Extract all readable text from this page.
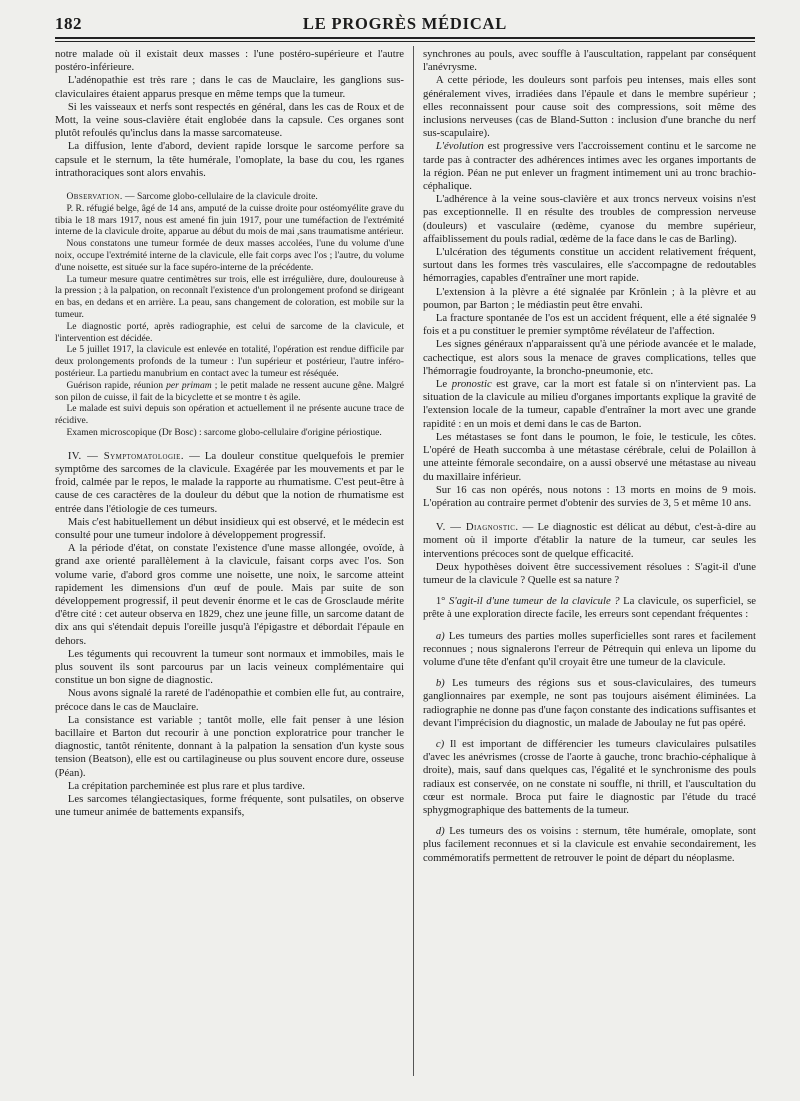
182	LE PROGRÈS MÉDICAL

notre malade où il existait deux masses : l'une postéro-supérieure et l'autre postéro-inférieure.

L'adénopathie est très rare ; dans le cas de Mauclaire, les ganglions sus-claviculaires étaient apparus presque en même temps que la tumeur.

Si les vaisseaux et nerfs sont respectés en général, dans les cas de Roux et de Mott, la veine sous-clavière était englobée dans la capsule. Ces organes sont plutôt refoulés qu'inclus dans la masse sarcomateuse.

La diffusion, lente d'abord, devient rapide lorsque le sarcome perfore sa capsule et le sternum, la tête humérale, l'omoplate, la base du cou, les rganes intrathoraciques sont alors envahis.

Observation. — Sarcome globo-cellulaire de la clavicule droite.

P. R. réfugié belge, âgé de 14 ans, amputé de la cuisse droite pour ostéomyélite grave du tibia le 18 mars 1917, nous est amené fin juin 1917, pour une tuméfaction de l'extrémité interne de la clavicule droite, apparue au début du mois de mai ,sans traumatisme antérieur.

Nous constatons une tumeur formée de deux masses accolées, l'une du volume d'une noix, occupe l'extrémité interne de la clavicule, elle fait corps avec l'os ; l'autre, du volume d'une noisette, est située sur la face supéro-interne de la précédente.

La tumeur mesure quatre centimètres sur trois, elle est irrégulière, dure, douloureuse à la pression ; à la palpation, on reconnaît l'existence d'un prolongement profond se dirigeant en bas, en dedans et en arrière. La peau, sans changement de coloration, est mobile sur la tumeur.

Le diagnostic porté, après radiographie, est celui de sarcome de la clavicule, et l'intervention est décidée.

Le 5 juillet 1917, la clavicule est enlevée en totalité, l'opération est rendue difficile par deux prolongements profonds de la tumeur : l'un supérieur et postérieur, l'autre inféro-postérieur. La partiedu manubrium en contact avec la tumeur est réséquée.

Guérison rapide, réunion per primam ; le petit malade ne ressent aucune gêne. Malgré son pilon de cuisse, il fait de la bicyclette et se montre t ès agile.

Le malade est suivi depuis son opération et actuellement il ne présente aucune trace de récidive.

Examen microscopique (Dr Bosc) : sarcome globo-cellulaire d'origine périostique.

IV. — Symptomatologie. — La douleur constitue quelquefois le premier symptôme des sarcomes de la clavicule. Exagérée par les mouvements et par le froid, calmée par le repos, le malade la rapporte au rhumatisme. C'est peut-être à cause de ces caractères de la douleur du début que la notion de rhumatisme est entrée dans l'étiologie de ces tumeurs.

Mais c'est habituellement un début insidieux qui est observé, et le médecin est consulté pour une tumeur indolore à développement progressif.

A la période d'état, on constate l'existence d'une masse allongée, ovoïde, à grand axe orienté parallèlement à la clavicule, faisant corps avec l'os. Son volume varie, d'abord gros comme une noisette, une noix, le sarcome atteint rapidement les dimensions d'un œuf de poule. Mais par suite de son développement progressif, il peut devenir énorme et le cas de Grosclaude mérite d'être cité : cet auteur observa en 1829, chez une jeune fille, un sarcome datant de dix ans qui s'étendait depuis l'oreille jusqu'à l'épigastre et débordait l'épaule en dehors.

Les téguments qui recouvrent la tumeur sont normaux et immobiles, mais le plus souvent ils sont parcourus par un lacis veineux complémentaire qui constitue un bon signe de diagnostic.

Nous avons signalé la rareté de l'adénopathie et combien elle fut, au contraire, précoce dans le cas de Mauclaire.

La consistance est variable ; tantôt molle, elle fait penser à une lésion bacillaire et Barton dut recourir à une ponction exploratrice pour trancher le diagnostic, tantôt rénitente, donnant à la palpation la sensation d'un kyste sous tension (Beatson), elle est ou cartilagineuse ou plus souvent encore dure, osseuse (Péan).

La crépitation parcheminée est plus rare et plus tardive.

Les sarcomes télangiectasiques, forme fréquente, sont pulsatiles, on observe une tumeur animée de battements expansifs,

synchrones au pouls, avec souffle à l'auscultation, rappelant par conséquent l'anévrysme.

A cette période, les douleurs sont parfois peu intenses, mais elles sont généralement vives, irradiées dans l'épaule et dans le membre supérieur ; elles reconnaissent pour cause soit des compressions, soit même des inclusions nerveuses (cas de Bland-Sutton : inclusion d'une branche du nerf sus-scapulaire).

L'évolution est progressive vers l'accroissement continu et le sarcome ne tarde pas à contracter des adhérences intimes avec les organes importants de la région. Péan ne put enlever un fragment intimement uni au tronc brachio-céphalique.

L'adhérence à la veine sous-clavière et aux troncs nerveux voisins n'est pas exceptionnelle. Il en résulte des troubles de compression nerveuse (douleurs) et vasculaire (œdème, cyanose du membre supérieur, affaiblissement du pouls radial, œdème de la face dans le cas de Barling).

L'ulcération des téguments constitue un accident relativement fréquent, surtout dans les formes très vasculaires, elle s'accompagne de redoutables hémorragies, capables d'entraîner une mort rapide.

L'extension à la plèvre a été signalée par Krönlein ; à la plèvre et au poumon, par Barton ; le médiastin peut être envahi.

La fracture spontanée de l'os est un accident fréquent, elle a été signalée 9 fois et a pu constituer le premier symptôme révélateur de l'affection.

Les signes généraux n'apparaissent qu'à une période avancée et le malade, cachectique, est alors sous la menace de graves complications, telles que l'hémorragie foudroyante, la broncho-pneumonie, etc.

Le pronostic est grave, car la mort est fatale si on n'intervient pas. La situation de la clavicule au milieu d'organes importants explique la gravité de l'extension locale de la tumeur, capable d'entraîner la mort avec une grande rapidité : en un mois et demi dans le cas de Barton.

Les métastases se font dans le poumon, le foie, le testicule, les côtes. L'opéré de Heath succomba à une métastase cérébrale, celui de Polaillon à une atteinte fémorale secondaire, on a aussi observé une métastase au niveau du maxillaire inférieur.

Sur 16 cas non opérés, nous notons : 13 morts en moins de 9 mois. L'opération au contraire permet d'obtenir des survies de 3, 5 et même 10 ans.

V. — Diagnostic. — Le diagnostic est délicat au début, c'est-à-dire au moment où il importe d'établir la nature de la tumeur, car seules les interventions précoces sont de quelque efficacité.

Deux hypothèses doivent être successivement résolues : S'agit-il d'une tumeur de la clavicule ? Quelle est sa nature ?

1° S'agit-il d'une tumeur de la clavicule ? La clavicule, os superficiel, se prête à une exploration directe facile, les erreurs sont cependant fréquentes :

a) Les tumeurs des parties molles superficielles sont rares et facilement reconnues ; nous signalerons l'erreur de Pétrequin qui enleva un lipome du volume d'une tête d'enfant qu'il croyait être une tumeur de la clavicule.

b) Les tumeurs des régions sus et sous-claviculaires, des tumeurs ganglionnaires par exemple, ne sont pas toujours aisément éliminées. La radiographie ne donne pas d'une façon constante des indications suffisantes et devant l'imprécision du diagnostic, un malade de Jaboulay ne fut pas opéré.

c) Il est important de différencier les tumeurs claviculaires pulsatiles d'avec les anévrismes (crosse de l'aorte à gauche, tronc brachio-céphalique à droite), mais, sauf dans quelques cas, l'égalité et le synchronisme des pouls radiaux est conservée, on ne constate ni souffle, ni thrill, et l'auscultation du cœur est normale. Broca put faire le diagnostic par l'étude du tracé sphygmographique des battements de la tumeur.

d) Les tumeurs des os voisins : sternum, tête humérale, omoplate, sont plus facilement reconnues et si la clavicule est envahie secondairement, les commémoratifs permettent de retrouver le point de départ du néoplasme.
